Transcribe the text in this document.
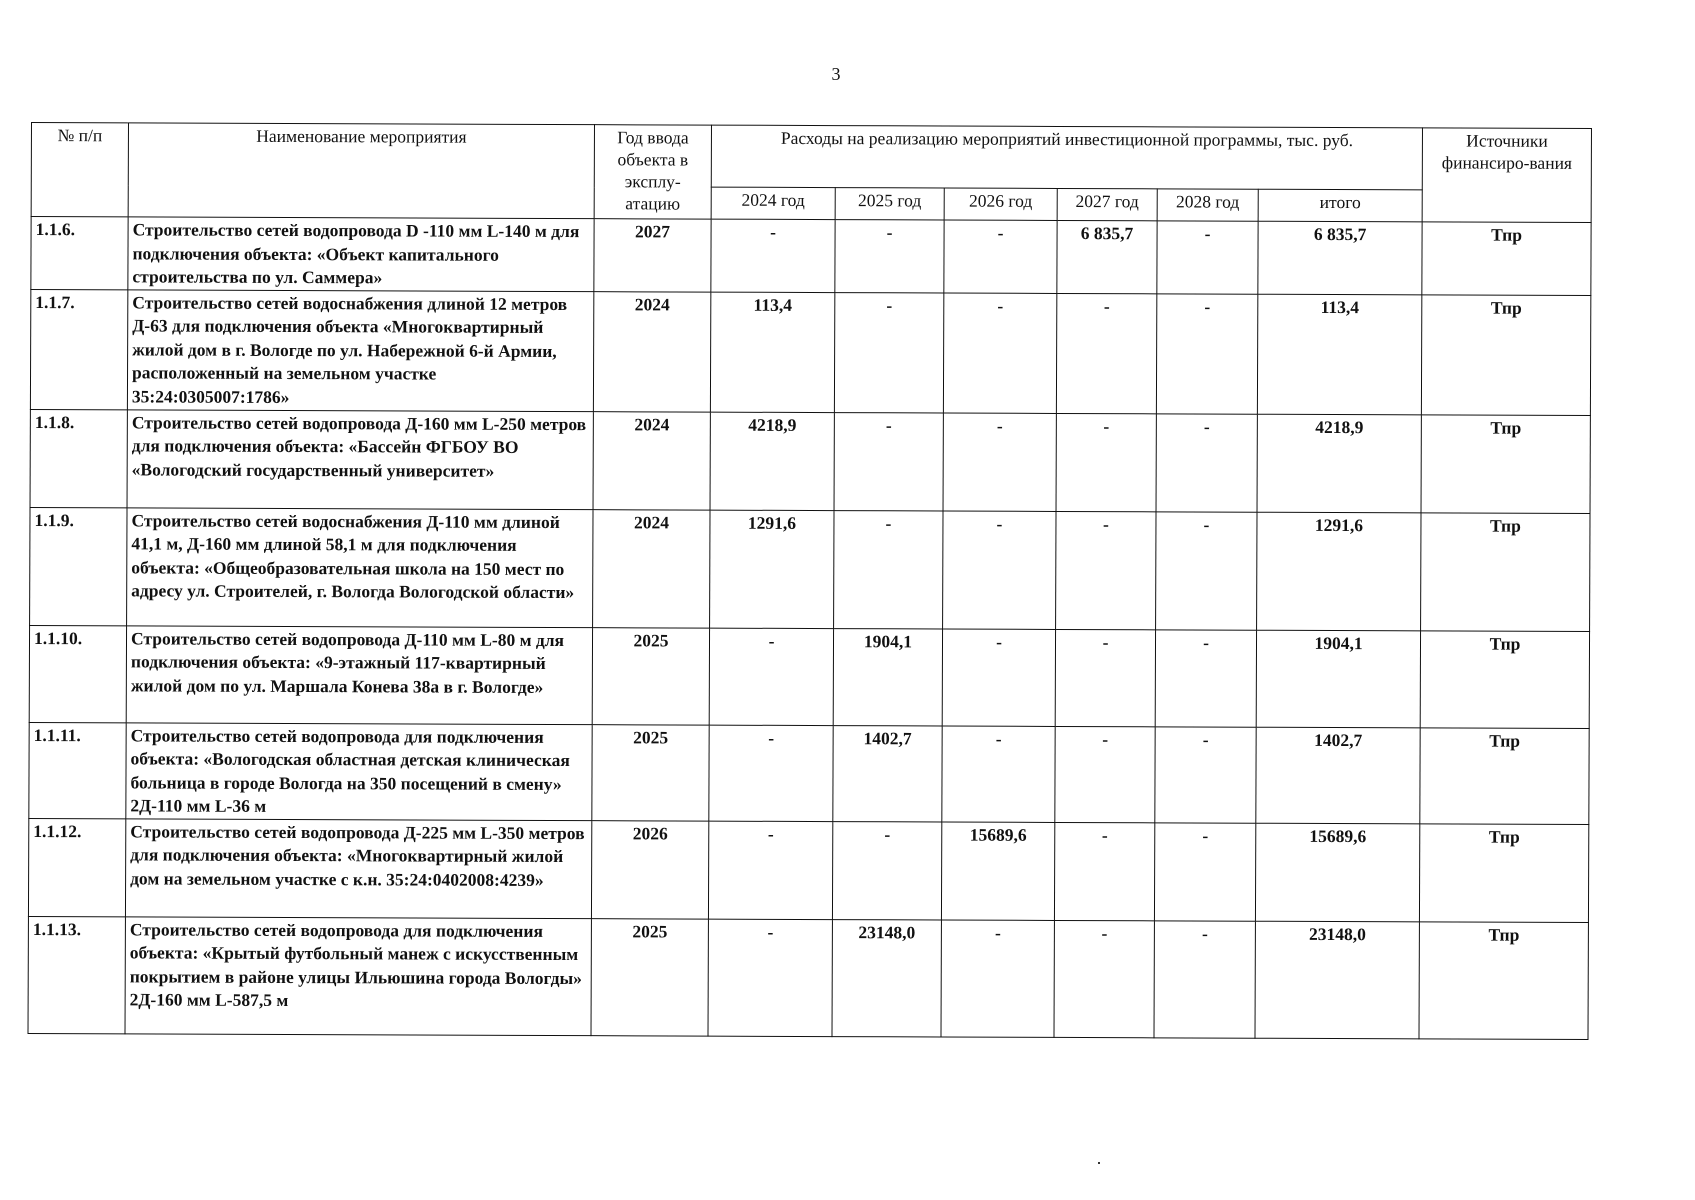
3
№ п/п	Наименование мероприятия	Год ввода объекта в эксплу-атацию	Расходы на реализацию мероприятий инвестиционной программы, тыс. руб.						Источники финансиро-вания
			2024 год	2025 год	2026 год	2027 год	2028 год	итого	
1.1.6.	Строительство сетей водопровода D -110 мм L-140 м для подключения объекта: «Объект капитального строительства по ул. Саммера»	2027	-	-	-	6 835,7	-	6 835,7	Тпр
1.1.7.	Строительство сетей водоснабжения длиной 12 метров Д-63 для подключения объекта «Многоквартирный жилой дом в г. Вологде по ул. Набережной 6-й Армии, расположенный на земельном участке 35:24:0305007:1786»	2024	113,4	-	-	-	-	113,4	Тпр
1.1.8.	Строительство сетей водопровода Д-160 мм L-250 метров для подключения объекта: «Бассейн ФГБОУ ВО «Вологодский государственный университет»	2024	4218,9	-	-	-	-	4218,9	Тпр
1.1.9.	Строительство сетей водоснабжения Д-110 мм длиной 41,1 м, Д-160 мм длиной 58,1 м для подключения объекта: «Общеобразовательная школа на 150 мест по адресу ул. Строителей, г. Вологда Вологодской области»	2024	1291,6	-	-	-	-	1291,6	Тпр
1.1.10.	Строительство сетей водопровода Д-110 мм L-80 м для подключения объекта: «9-этажный 117-квартирный жилой дом по ул. Маршала Конева 38а в г. Вологде»	2025	-	1904,1	-	-	-	1904,1	Тпр
1.1.11.	Строительство сетей водопровода для подключения объекта: «Вологодская областная детская клиническая больница в городе Вологда на 350 посещений в смену» 2Д-110 мм L-36 м	2025	-	1402,7	-	-	-	1402,7	Тпр
1.1.12.	Строительство сетей водопровода Д-225 мм L-350 метров для подключения объекта: «Многоквартирный жилой дом на земельном участке с к.н. 35:24:0402008:4239»	2026	-	-	15689,6	-	-	15689,6	Тпр
1.1.13.	Строительство сетей водопровода для подключения объекта: «Крытый футбольный манеж с искусственным покрытием в районе улицы Ильюшина города Вологды» 2Д-160 мм L-587,5 м	2025	-	23148,0	-	-	-	23148,0	Тпр
